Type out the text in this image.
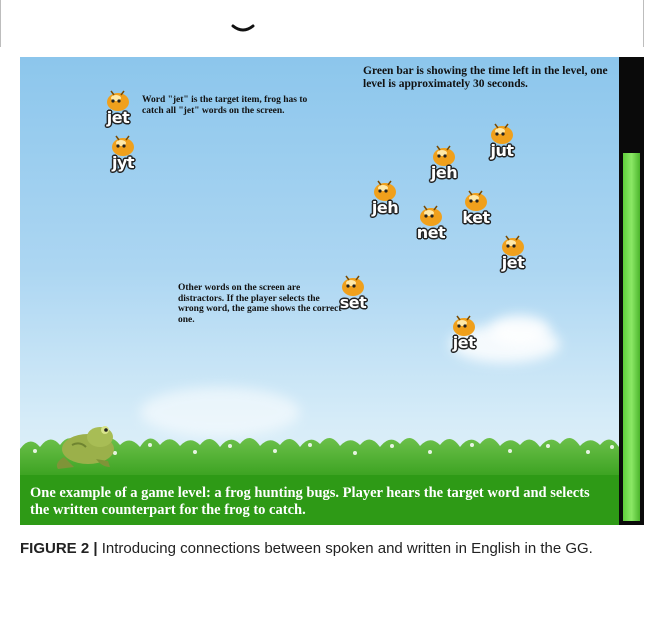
Word "jet" is the target item, frog has to catch all "jet" words on the screen.
Green bar is showing the time left in the level, one level is approximately 30 seconds.
Other words on the screen are distractors. If the player selects the wrong word, the game shows the correct one.
jet
jyt
jut
jeh
jeh
ket
net
jet
set
jet
One example of a game level: a frog hunting bugs. Player hears the target word and selects the written counterpart for the frog to catch.
FIGURE 2 | Introducing connections between spoken and written in English in the GG.
